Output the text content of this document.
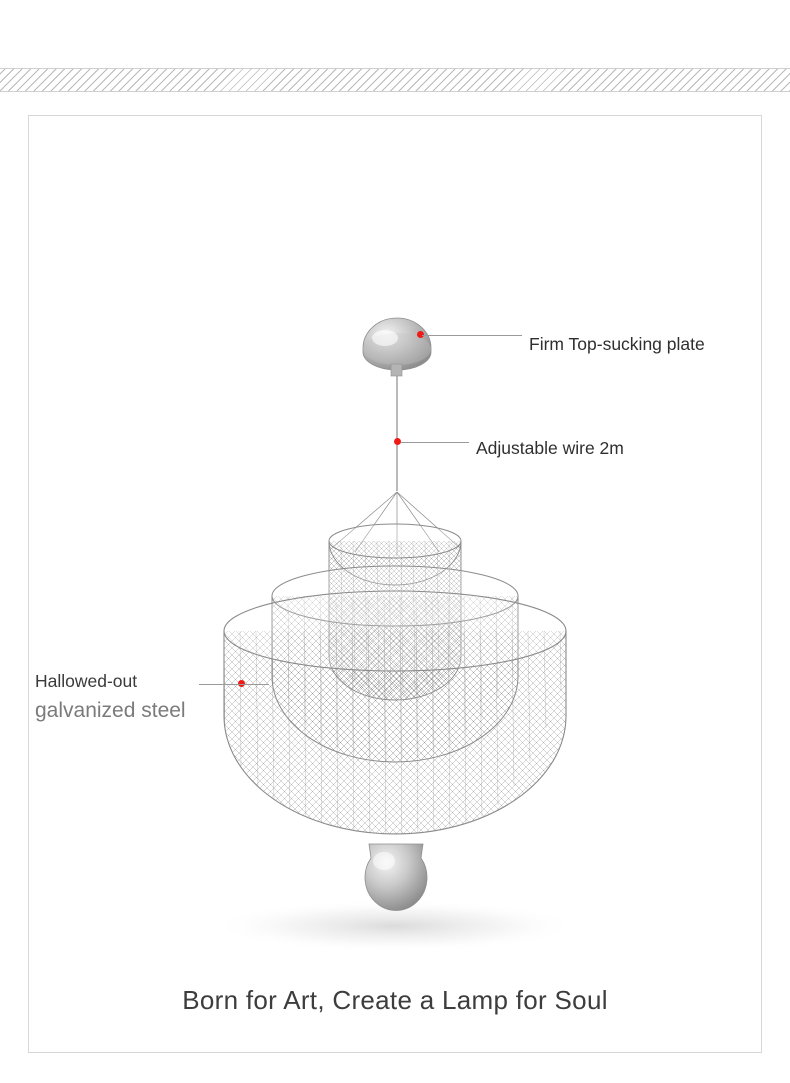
Firm Top-sucking plate
Adjustable wire 2m
Hallowed-out
galvanized steel
Born for Art, Create a Lamp for Soul
